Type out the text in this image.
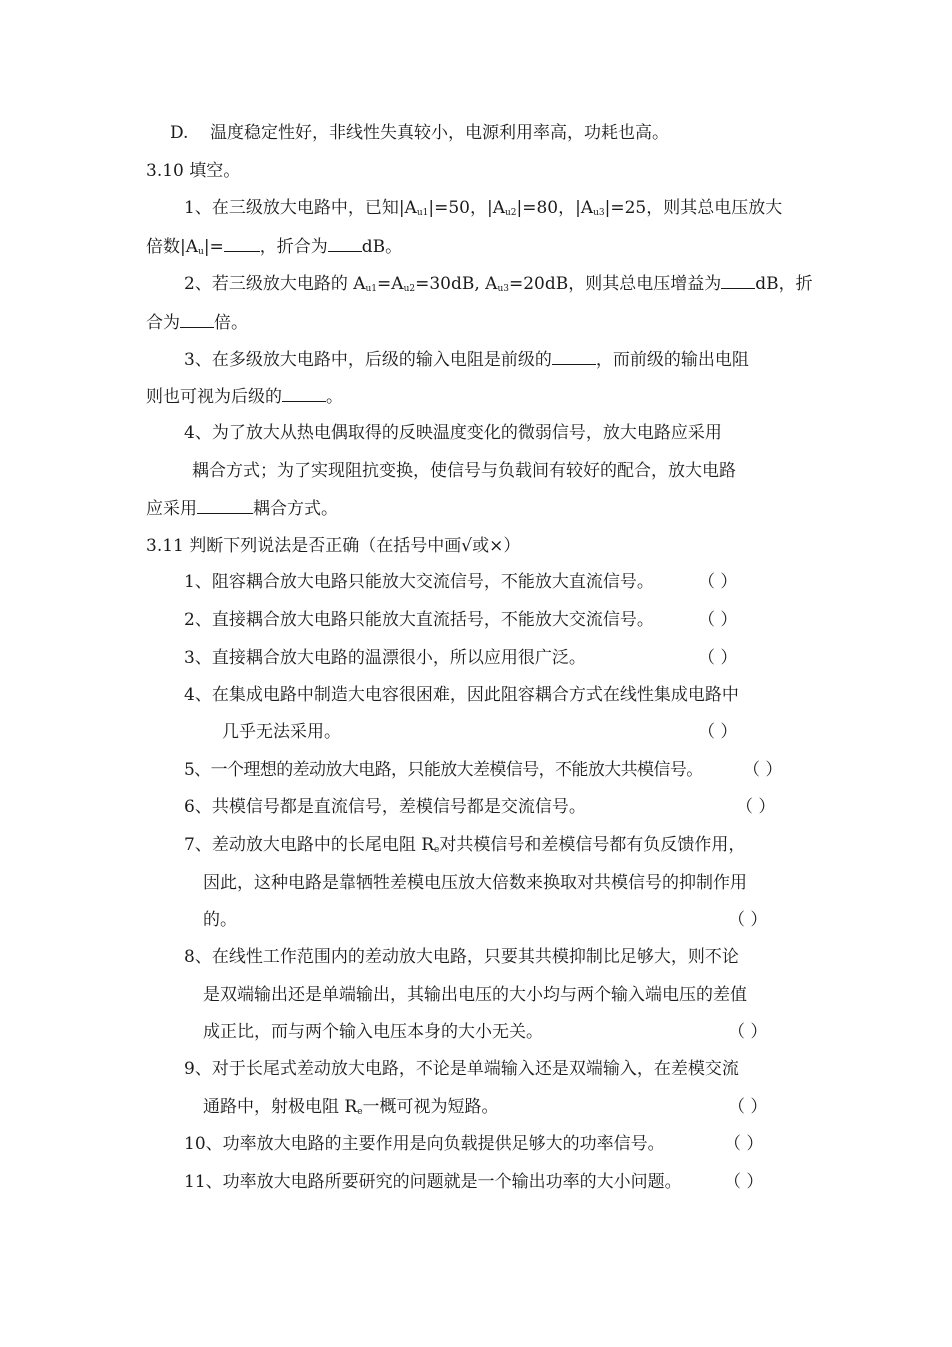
D. 温度稳定性好，非线性失真较小，电源利用率高，功耗也高。
3.10 填空。
1、在三级放大电路中，已知$|A_{u1}|=50$，$|A_{u2}|=80$，$|A_{u3}|=25$，则其总电压放大
倍数$|A_u|=$ ，折合为 dB。
2、若三级放大电路的 $A_{u1}=A_{u2}=30dB$, $A_{u3}=20dB$，则其总电压增益为 dB，折
合为 倍。
3、在多级放大电路中，后级的输入电阻是前级的	，而前级的输出电阻
则也可视为后级的	。
4、为了放大从热电偶取得的反映温度变化的微弱信号，放大电路应采用
耦合方式；为了实现阻抗变换，使信号与负载间有较好的配合，放大电路
应采用	耦合方式。
3.11 判断下列说法是否正确（在括号中画√或×）
1、阻容耦合放大电路只能放大交流信号，不能放大直流信号。	（ ）
2、直接耦合放大电路只能放大直流括号，不能放大交流信号。	（ ）
3、直接耦合放大电路的温漂很小，所以应用很广泛。	（ ）
4、在集成电路中制造大电容很困难，因此阻容耦合方式在线性集成电路中
几乎无法采用。	（ ）
5、一个理想的差动放大电路，只能放大差模信号，不能放大共模信号。 （ ）
6、共模信号都是直流信号，差模信号都是交流信号。	（ ）
7、差动放大电路中的长尾电阻 $R_e$对共模信号和差模信号都有负反馈作用，
因此，这种电路是靠牺牲差模电压放大倍数来换取对共模信号的抑制作用
的。	（ ）
8、在线性工作范围内的差动放大电路，只要其共模抑制比足够大，则不论
是双端输出还是单端输出，其输出电压的大小均与两个输入端电压的差值
成正比，而与两个输入电压本身的大小无关。	（ ）
9、对于长尾式差动放大电路，不论是单端输入还是双端输入，在差模交流
通路中，射极电阻 $R_e$一概可视为短路。	（ ）
10、功率放大电路的主要作用是向负载提供足够大的功率信号。	（ ）
11、功率放大电路所要研究的问题就是一个输出功率的大小问题。 （ ）
